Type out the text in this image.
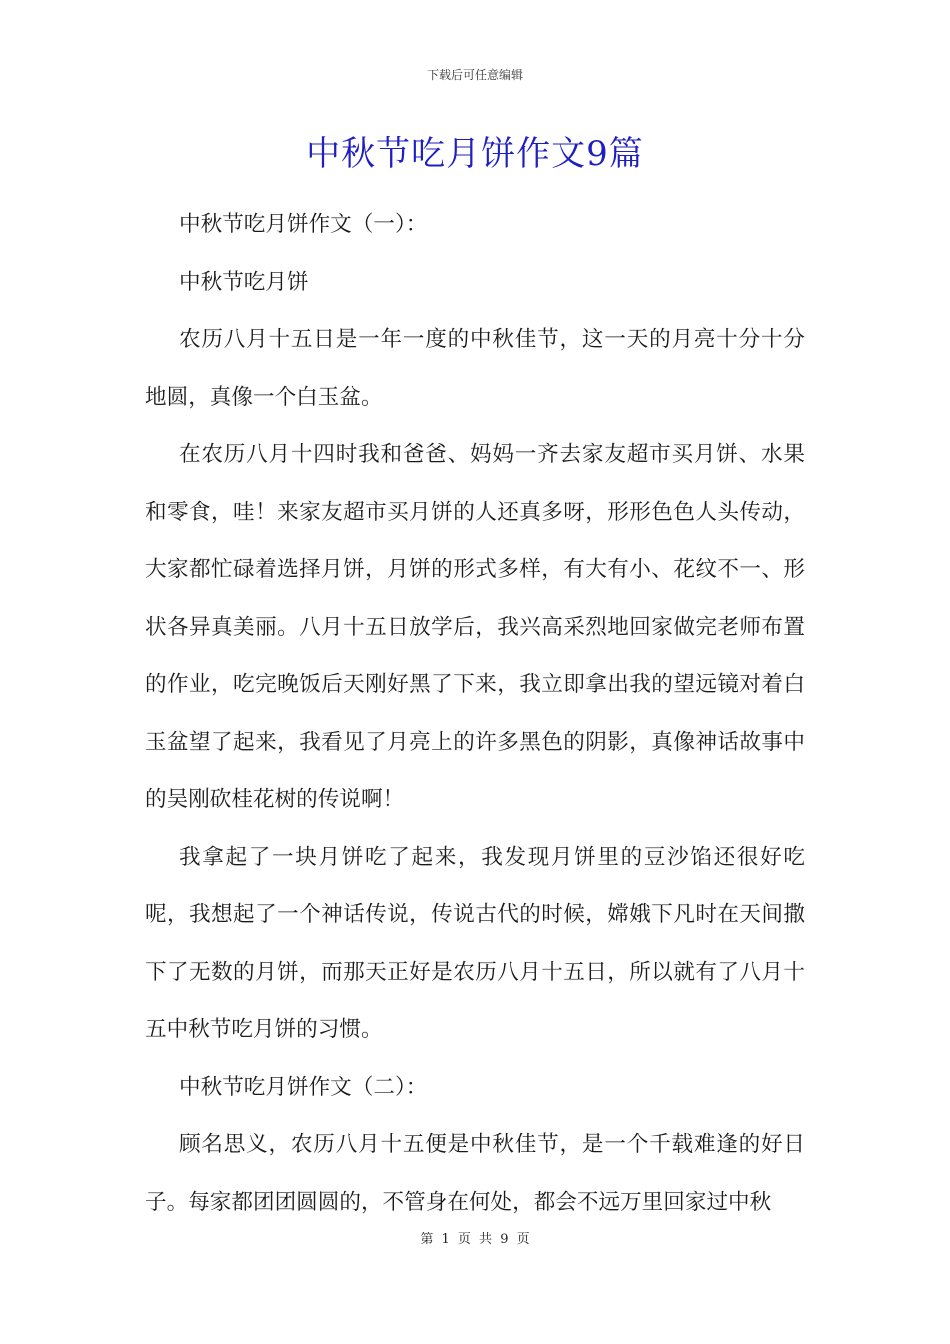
下载后可任意编辑
中秋节吃月饼作文9篇

中秋节吃月饼作文（一）：

中秋节吃月饼

农历八月十五日是一年一度的中秋佳节，这一天的月亮十分十分地圆，真像一个白玉盆。

在农历八月十四时我和爸爸、妈妈一齐去家友超市买月饼、水果和零食，哇！来家友超市买月饼的人还真多呀，形形色色人头传动，大家都忙碌着选择月饼，月饼的形式多样，有大有小、花纹不一、形状各异真美丽。八月十五日放学后，我兴高采烈地回家做完老师布置的作业，吃完晚饭后天刚好黑了下来，我立即拿出我的望远镜对着白玉盆望了起来，我看见了月亮上的许多黑色的阴影，真像神话故事中的吴刚砍桂花树的传说啊！

我拿起了一块月饼吃了起来，我发现月饼里的豆沙馅还很好吃呢，我想起了一个神话传说，传说古代的时候，嫦娥下凡时在天间撒下了无数的月饼，而那天正好是农历八月十五日，所以就有了八月十五中秋节吃月饼的习惯。

中秋节吃月饼作文（二）：

顾名思义，农历八月十五便是中秋佳节，是一个千载难逢的好日子。每家都团团圆圆的，不管身在何处，都会不远万里回家过中秋

第 1 页 共 9 页
